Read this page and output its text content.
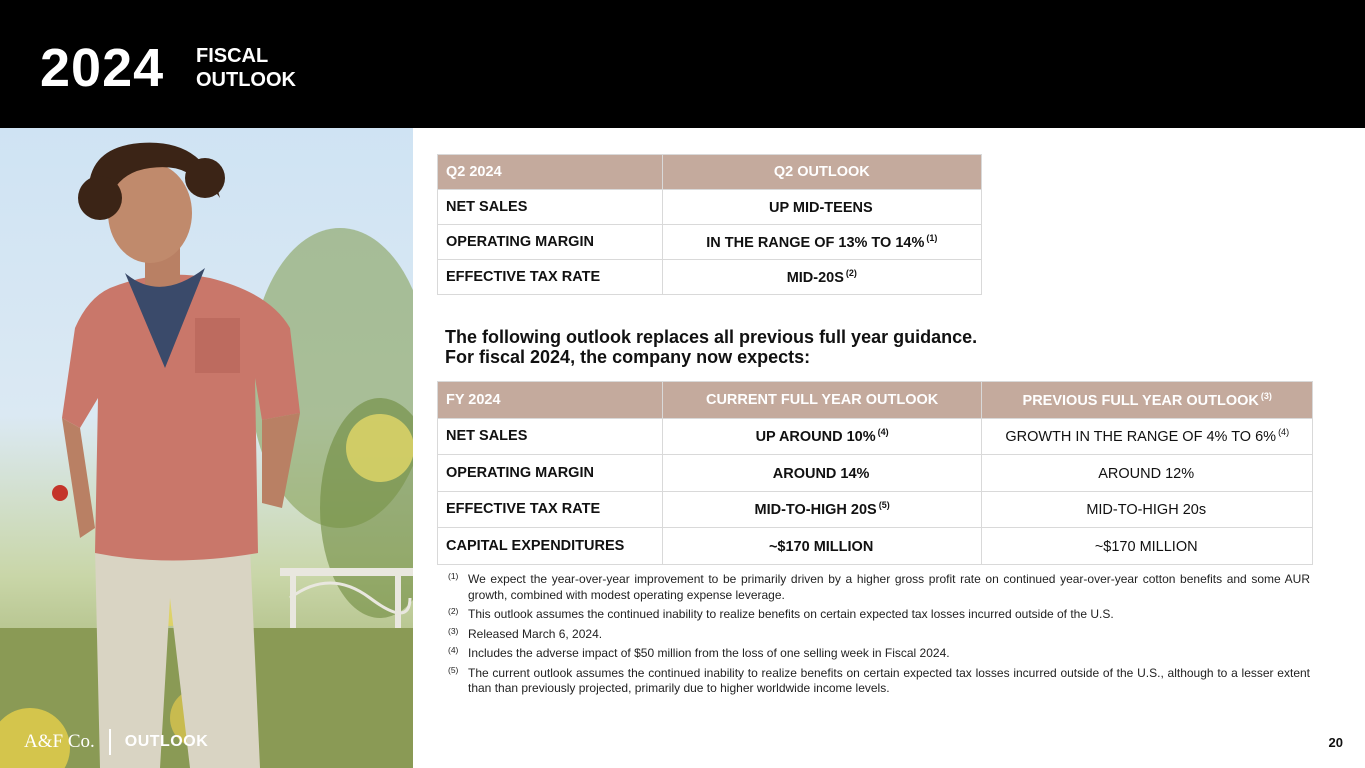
2024 FISCAL
OUTLOOK
A&F Co. OUTLOOK
Q2 2024	Q2 OUTLOOK
NET SALES	UP MID-TEENS
OPERATING MARGIN	IN THE RANGE OF 13% TO 14% $^{(1)}$
EFFECTIVE TAX RATE	MID-20S $^{(2)}$
The following outlook replaces all previous full year guidance.
For fiscal 2024, the company now expects:
FY 2024	CURRENT FULL YEAR OUTLOOK	PREVIOUS FULL YEAR OUTLOOK $^{(3)}$
NET SALES	UP AROUND 10% $^{(4)}$	GROWTH IN THE RANGE OF 4% TO 6% $^{(4)}$
OPERATING MARGIN	AROUND 14%	AROUND 12%
EFFECTIVE TAX RATE	MID-TO-HIGH 20S $^{(5)}$	MID-TO-HIGH 20s
CAPITAL EXPENDITURES	~$170 MILLION	~$170 MILLION
(1) We expect the year-over-year improvement to be primarily driven by a higher gross profit rate on continued year-over-year cotton benefits and some AUR growth, combined with modest operating expense leverage.
(2) This outlook assumes the continued inability to realize benefits on certain expected tax losses incurred outside of the U.S.
(3) Released March 6, 2024.
(4) Includes the adverse impact of $50 million from the loss of one selling week in Fiscal 2024.
(5) The current outlook assumes the continued inability to realize benefits on certain expected tax losses incurred outside of the U.S., although to a lesser extent than than previously projected, primarily due to higher worldwide income levels.
20
